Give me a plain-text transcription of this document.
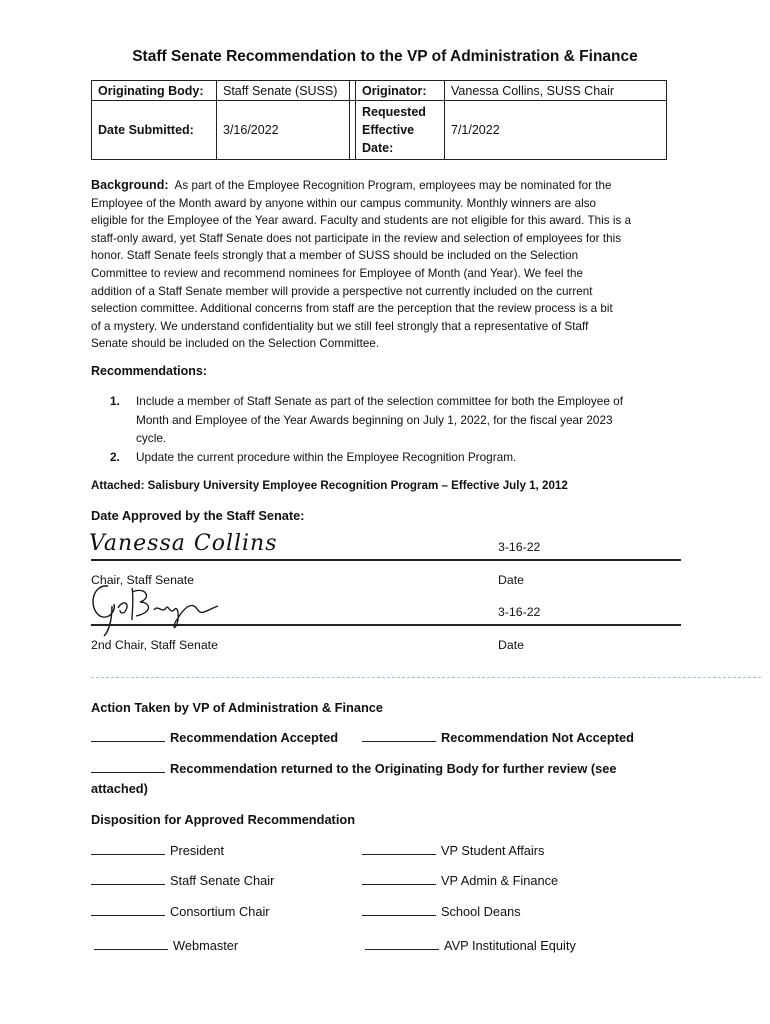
Staff Senate Recommendation to the VP of Administration & Finance
Originating Body:	Staff Senate (SUSS)		Originator:	Vanessa Collins, SUSS Chair
Date Submitted:	3/16/2022		Requested
Effective
Date:	7/1/2022
Background: As part of the Employee Recognition Program, employees may be nominated for the
Employee of the Month award by anyone within our campus community. Monthly winners are also
eligible for the Employee of the Year award. Faculty and students are not eligible for this award. This is a
staff-only award, yet Staff Senate does not participate in the review and selection of employees for this
honor. Staff Senate feels strongly that a member of SUSS should be included on the Selection
Committee to review and recommend nominees for Employee of Month (and Year). We feel the
addition of a Staff Senate member will provide a perspective not currently included on the current
selection committee. Additional concerns from staff are the perception that the review process is a bit
of a mystery. We understand confidentiality but we still feel strongly that a representative of Staff
Senate should be included on the Selection Committee.
Recommendations:
1.	Include a member of Staff Senate as part of the selection committee for both the Employee of
Month and Employee of the Year Awards beginning on July 1, 2022, for the fiscal year 2023
cycle.
2.	Update the current procedure within the Employee Recognition Program.
Attached: Salisbury University Employee Recognition Program – Effective July 1, 2012
Date Approved by the Staff Senate:
Vanessa Collins	3-16-22
Chair, Staff Senate	Date
3-16-22
2nd Chair, Staff Senate	Date
Action Taken by VP of Administration & Finance
Recommendation Accepted	Recommendation Not Accepted
Recommendation returned to the Originating Body for further review (see
attached)
Disposition for Approved Recommendation
President	VP Student Affairs
Staff Senate Chair	VP Admin & Finance
Consortium Chair	School Deans
Webmaster	AVP Institutional Equity
